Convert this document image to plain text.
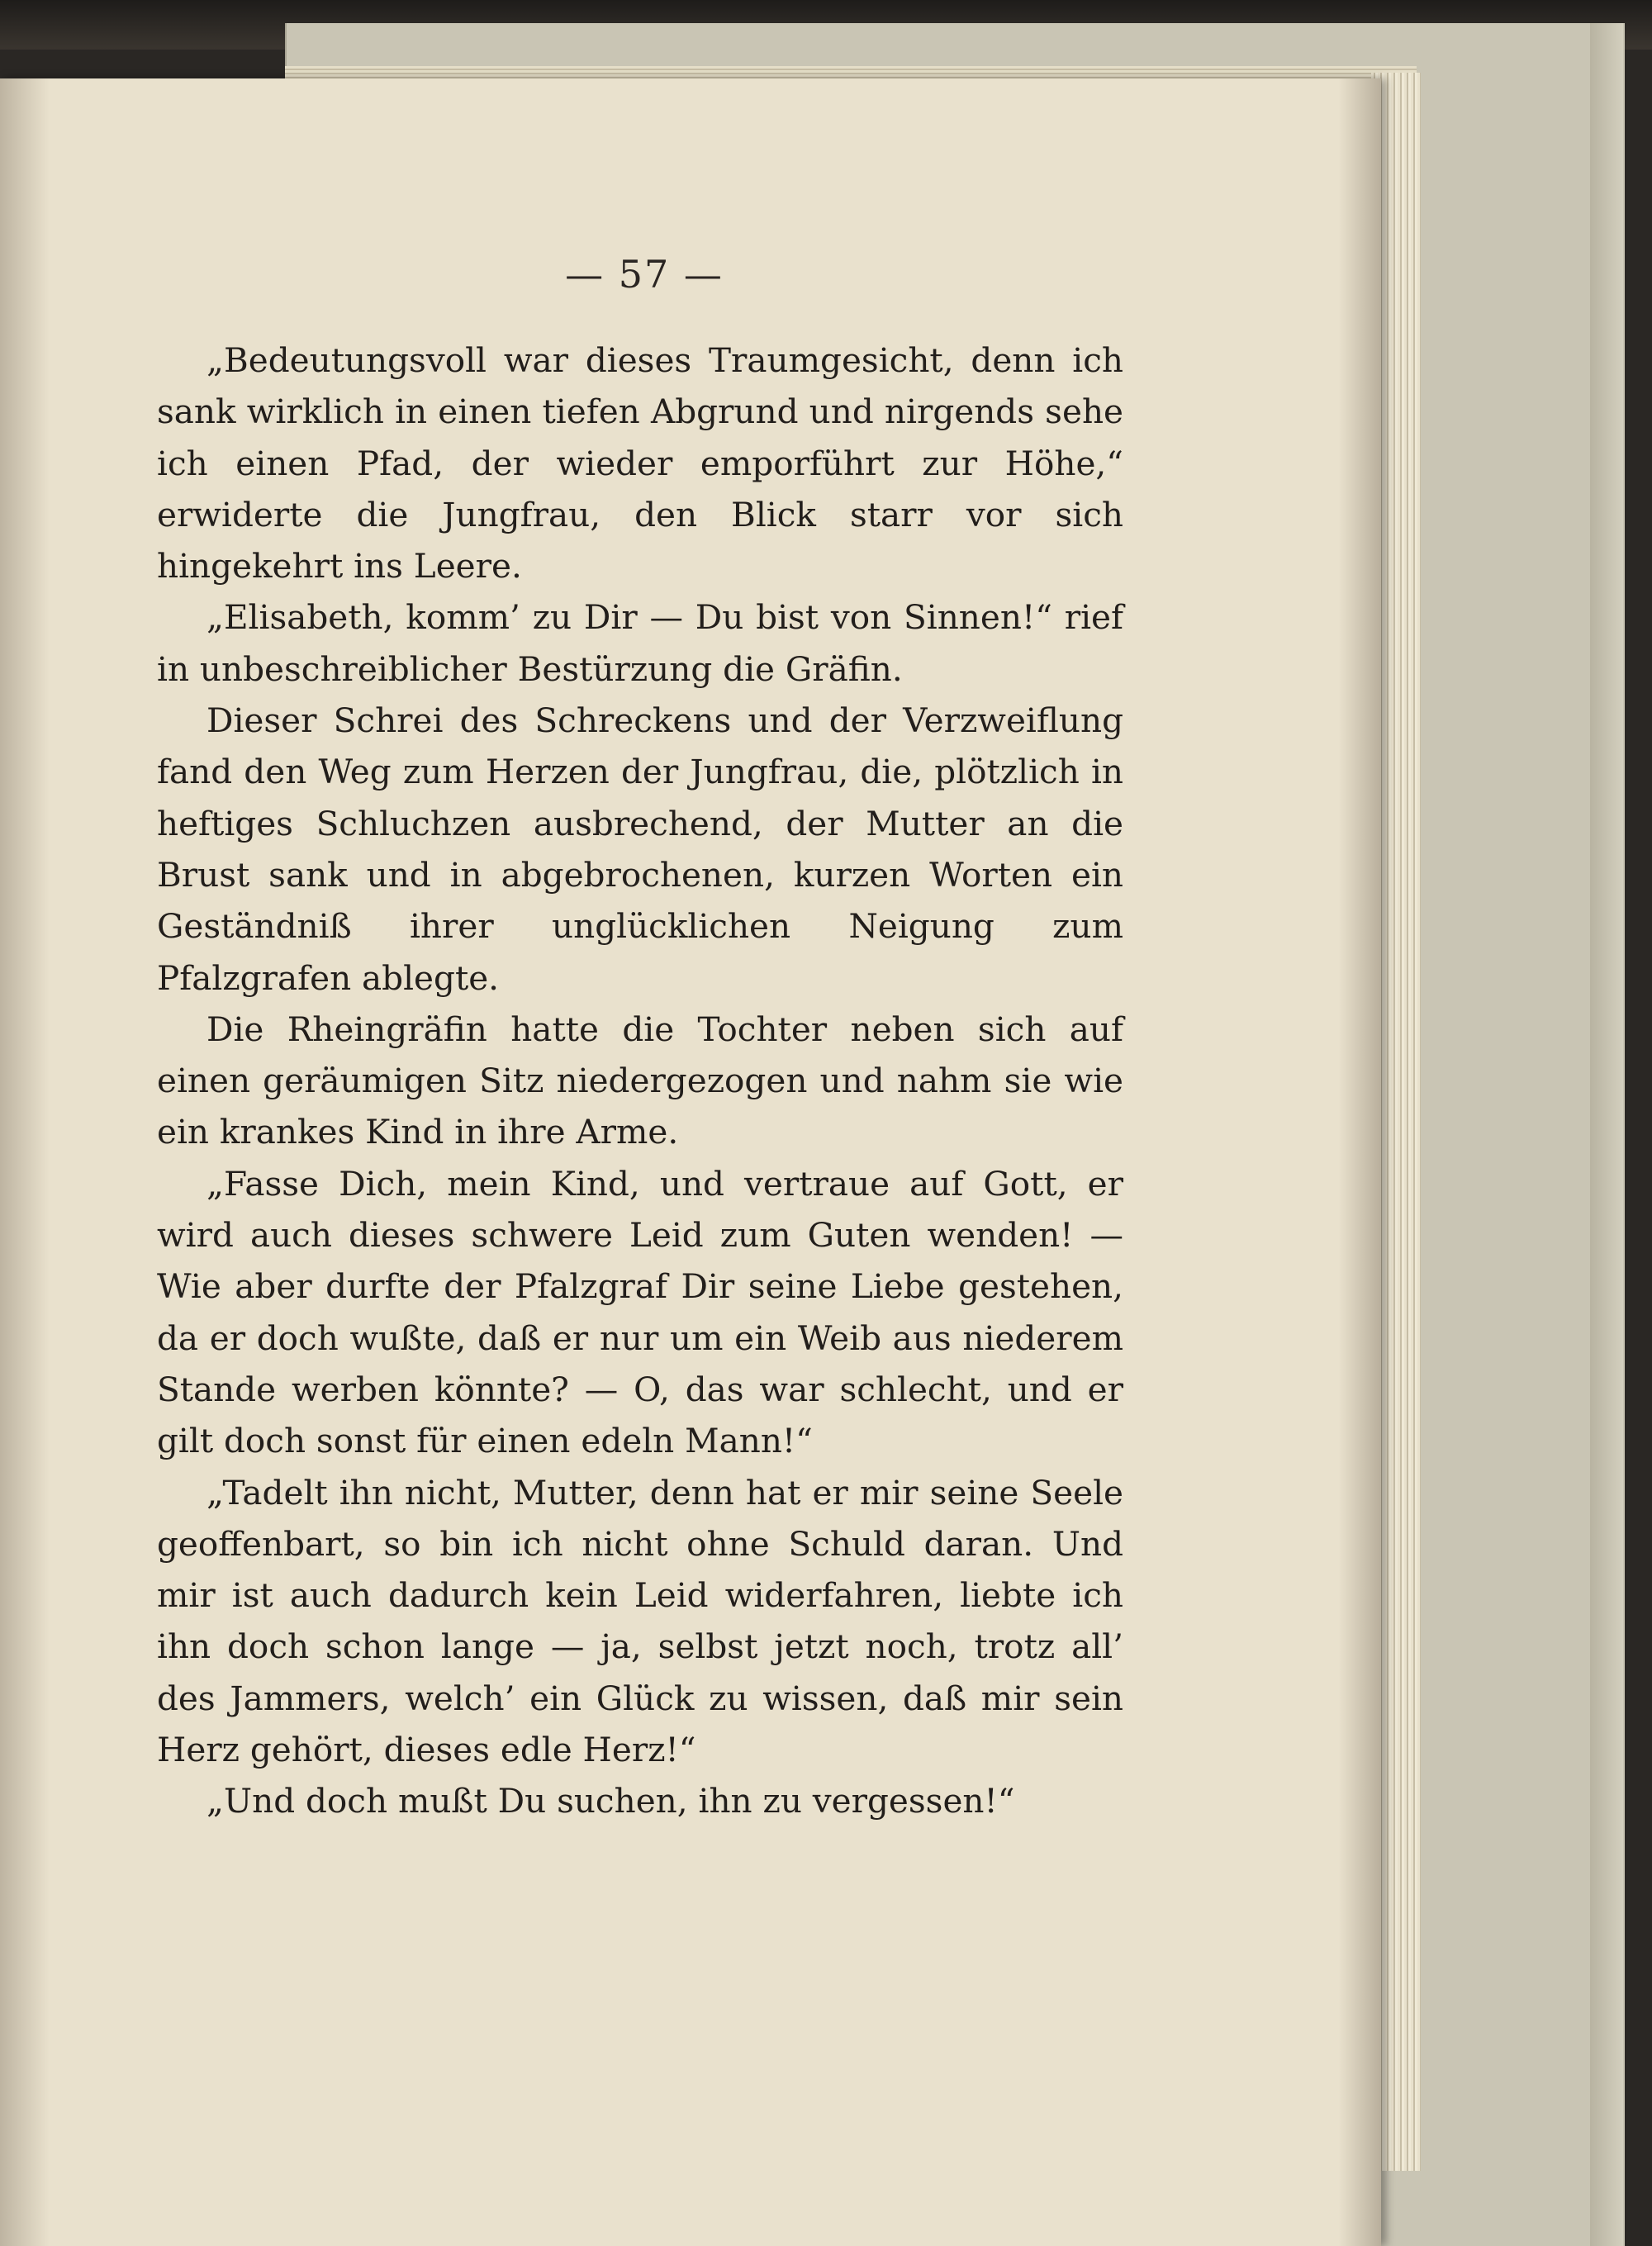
— 57 —

„Bedeutungsvoll war dieses Traumgesicht, denn ich sank wirklich in einen tiefen Abgrund und nirgends sehe ich einen Pfad, der wieder emporführt zur Höhe,“ erwiderte die Jungfrau, den Blick starr vor sich hingekehrt ins Leere.

„Elisabeth, komm’ zu Dir — Du bist von Sinnen!“ rief in unbeschreiblicher Bestürzung die Gräfin.

Dieser Schrei des Schreckens und der Verzweiflung fand den Weg zum Herzen der Jungfrau, die, plötzlich in heftiges Schluchzen ausbrechend, der Mutter an die Brust sank und in abgebrochenen, kurzen Worten ein Geständniß ihrer unglücklichen Neigung zum Pfalzgrafen ablegte.

Die Rheingräfin hatte die Tochter neben sich auf einen geräumigen Sitz niedergezogen und nahm sie wie ein krankes Kind in ihre Arme.

„Fasse Dich, mein Kind, und vertraue auf Gott, er wird auch dieses schwere Leid zum Guten wenden! — Wie aber durfte der Pfalzgraf Dir seine Liebe gestehen, da er doch wußte, daß er nur um ein Weib aus niederem Stande werben könnte? — O, das war schlecht, und er gilt doch sonst für einen edeln Mann!“

„Tadelt ihn nicht, Mutter, denn hat er mir seine Seele geoffenbart, so bin ich nicht ohne Schuld daran. Und mir ist auch dadurch kein Leid widerfahren, liebte ich ihn doch schon lange — ja, selbst jetzt noch, trotz all’ des Jammers, welch’ ein Glück zu wissen, daß mir sein Herz gehört, dieses edle Herz!“

„Und doch mußt Du suchen, ihn zu vergessen!“
